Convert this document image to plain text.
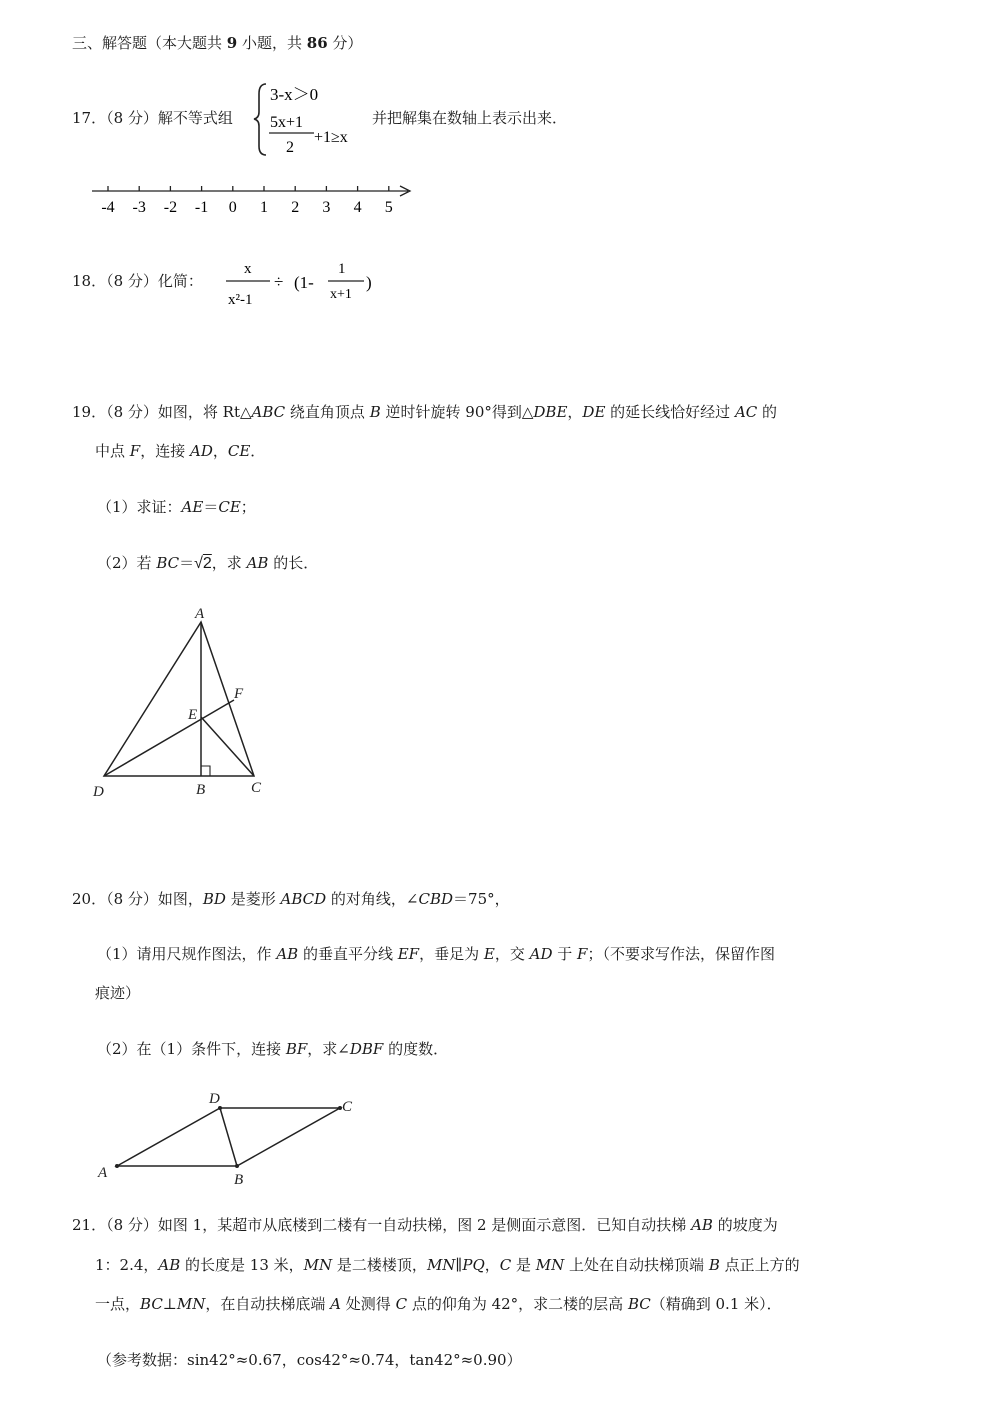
三、解答题（本大题共 9 小题，共 86 分）
17．（8 分）解不等式组
3-x＞0
5x+1
2
+1≥x
并把解集在数轴上表示出来．
-4 -3 -2 -1 0 1 2 3 4 5
18．（8 分）化简：
x
x²-1
÷ (1-
1
x+1
)
19．（8 分）如图，将 Rt△ABC 绕直角顶点 B 逆时针旋转 90°得到△DBE，DE 的延长线恰好经过 AC 的
中点 F，连接 AD，CE．
（1）求证：AE＝CE；
（2）若 BC＝√2，求 AB 的长．
A
E
F
D	B	C
20．（8 分）如图，BD 是菱形 ABCD 的对角线，∠CBD＝75°，
（1）请用尺规作图法，作 AB 的垂直平分线 EF，垂足为 E，交 AD 于 F；（不要求写作法，保留作图
痕迹）
（2）在（1）条件下，连接 BF，求∠DBF 的度数．
A
D	C
B
21．（8 分）如图 1，某超市从底楼到二楼有一自动扶梯，图 2 是侧面示意图．已知自动扶梯 AB 的坡度为
1：2.4，AB 的长度是 13 米，MN 是二楼楼顶，MN∥PQ，C 是 MN 上处在自动扶梯顶端 B 点正上方的
一点，BC⊥MN，在自动扶梯底端 A 处测得 C 点的仰角为 42°，求二楼的层高 BC（精确到 0.1 米）．
（参考数据：sin42°≈0.67，cos42°≈0.74，tan42°≈0.90）
